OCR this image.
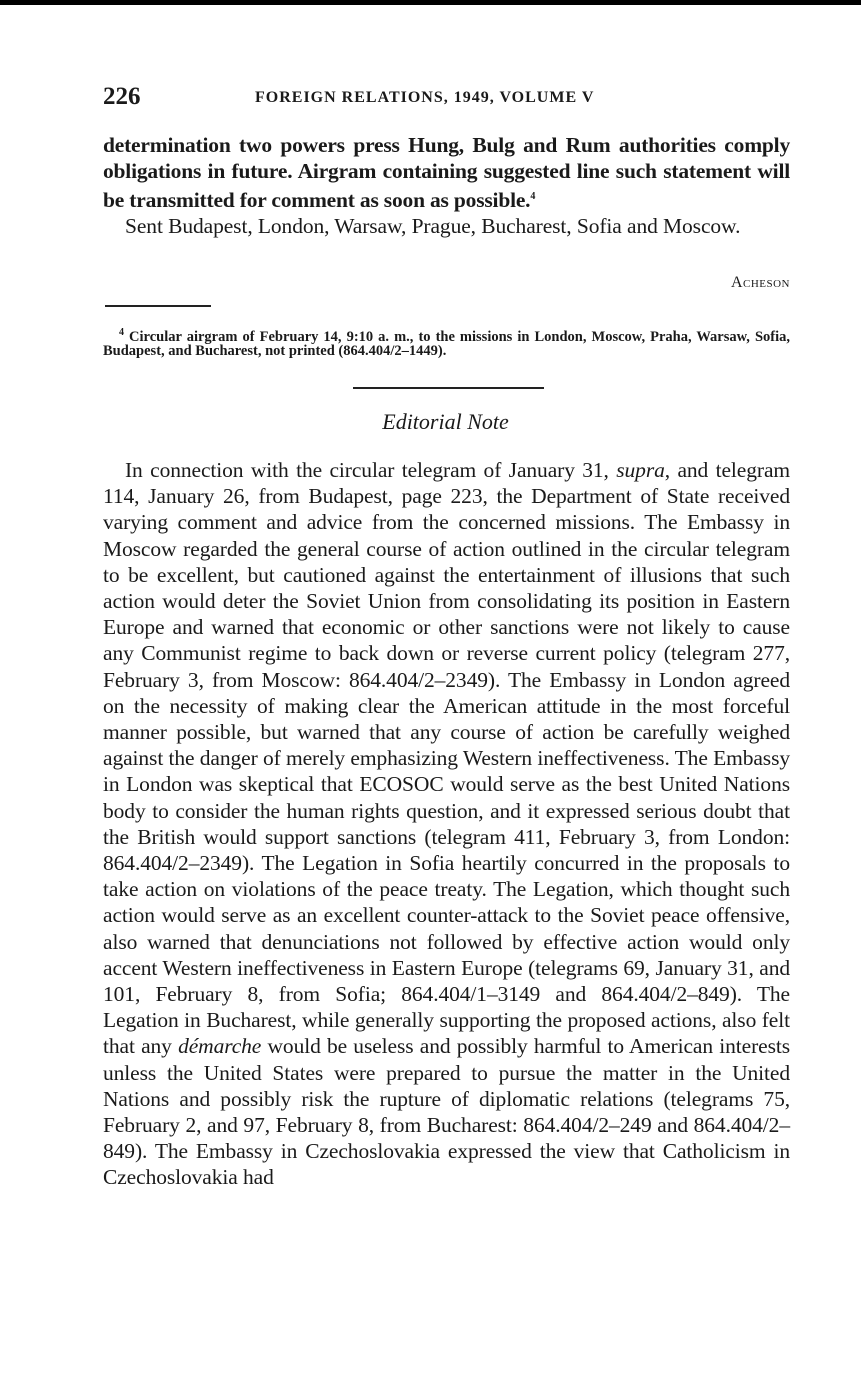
226	FOREIGN RELATIONS, 1949, VOLUME V

determination two powers press Hung, Bulg and Rum authorities comply obligations in future. Airgram containing suggested line such statement will be transmitted for comment as soon as possible.$^4$

Sent Budapest, London, Warsaw, Prague, Bucharest, Sofia and Moscow.

Acheson

$^4$ Circular airgram of February 14, 9:10 a. m., to the missions in London, Moscow, Praha, Warsaw, Sofia, Budapest, and Bucharest, not printed (864.404/2–1449).

Editorial Note

In connection with the circular telegram of January 31, supra, and telegram 114, January 26, from Budapest, page 223, the Department of State received varying comment and advice from the concerned missions. The Embassy in Moscow regarded the general course of action outlined in the circular telegram to be excellent, but cautioned against the entertainment of illusions that such action would deter the Soviet Union from consolidating its position in Eastern Europe and warned that economic or other sanctions were not likely to cause any Communist regime to back down or reverse current policy (telegram 277, February 3, from Moscow: 864.404/2–2349). The Embassy in London agreed on the necessity of making clear the American attitude in the most forceful manner possible, but warned that any course of action be carefully weighed against the danger of merely emphasizing Western ineffectiveness. The Embassy in London was skeptical that ECOSOC would serve as the best United Nations body to consider the human rights question, and it expressed serious doubt that the British would support sanctions (telegram 411, February 3, from London: 864.404/2–2349). The Legation in Sofia heartily concurred in the proposals to take action on violations of the peace treaty. The Legation, which thought such action would serve as an excellent counter-attack to the Soviet peace offensive, also warned that denunciations not followed by effective action would only accent Western ineffectiveness in Eastern Europe (telegrams 69, January 31, and 101, February 8, from Sofia; 864.404/1–3149 and 864.404/2–849). The Legation in Bucharest, while generally supporting the proposed actions, also felt that any démarche would be useless and possibly harmful to American interests unless the United States were prepared to pursue the matter in the United Nations and possibly risk the rupture of diplomatic relations (telegrams 75, February 2, and 97, February 8, from Bucharest: 864.404/2–249 and 864.404/2–849). The Embassy in Czechoslovakia expressed the view that Catholicism in Czechoslovakia had
